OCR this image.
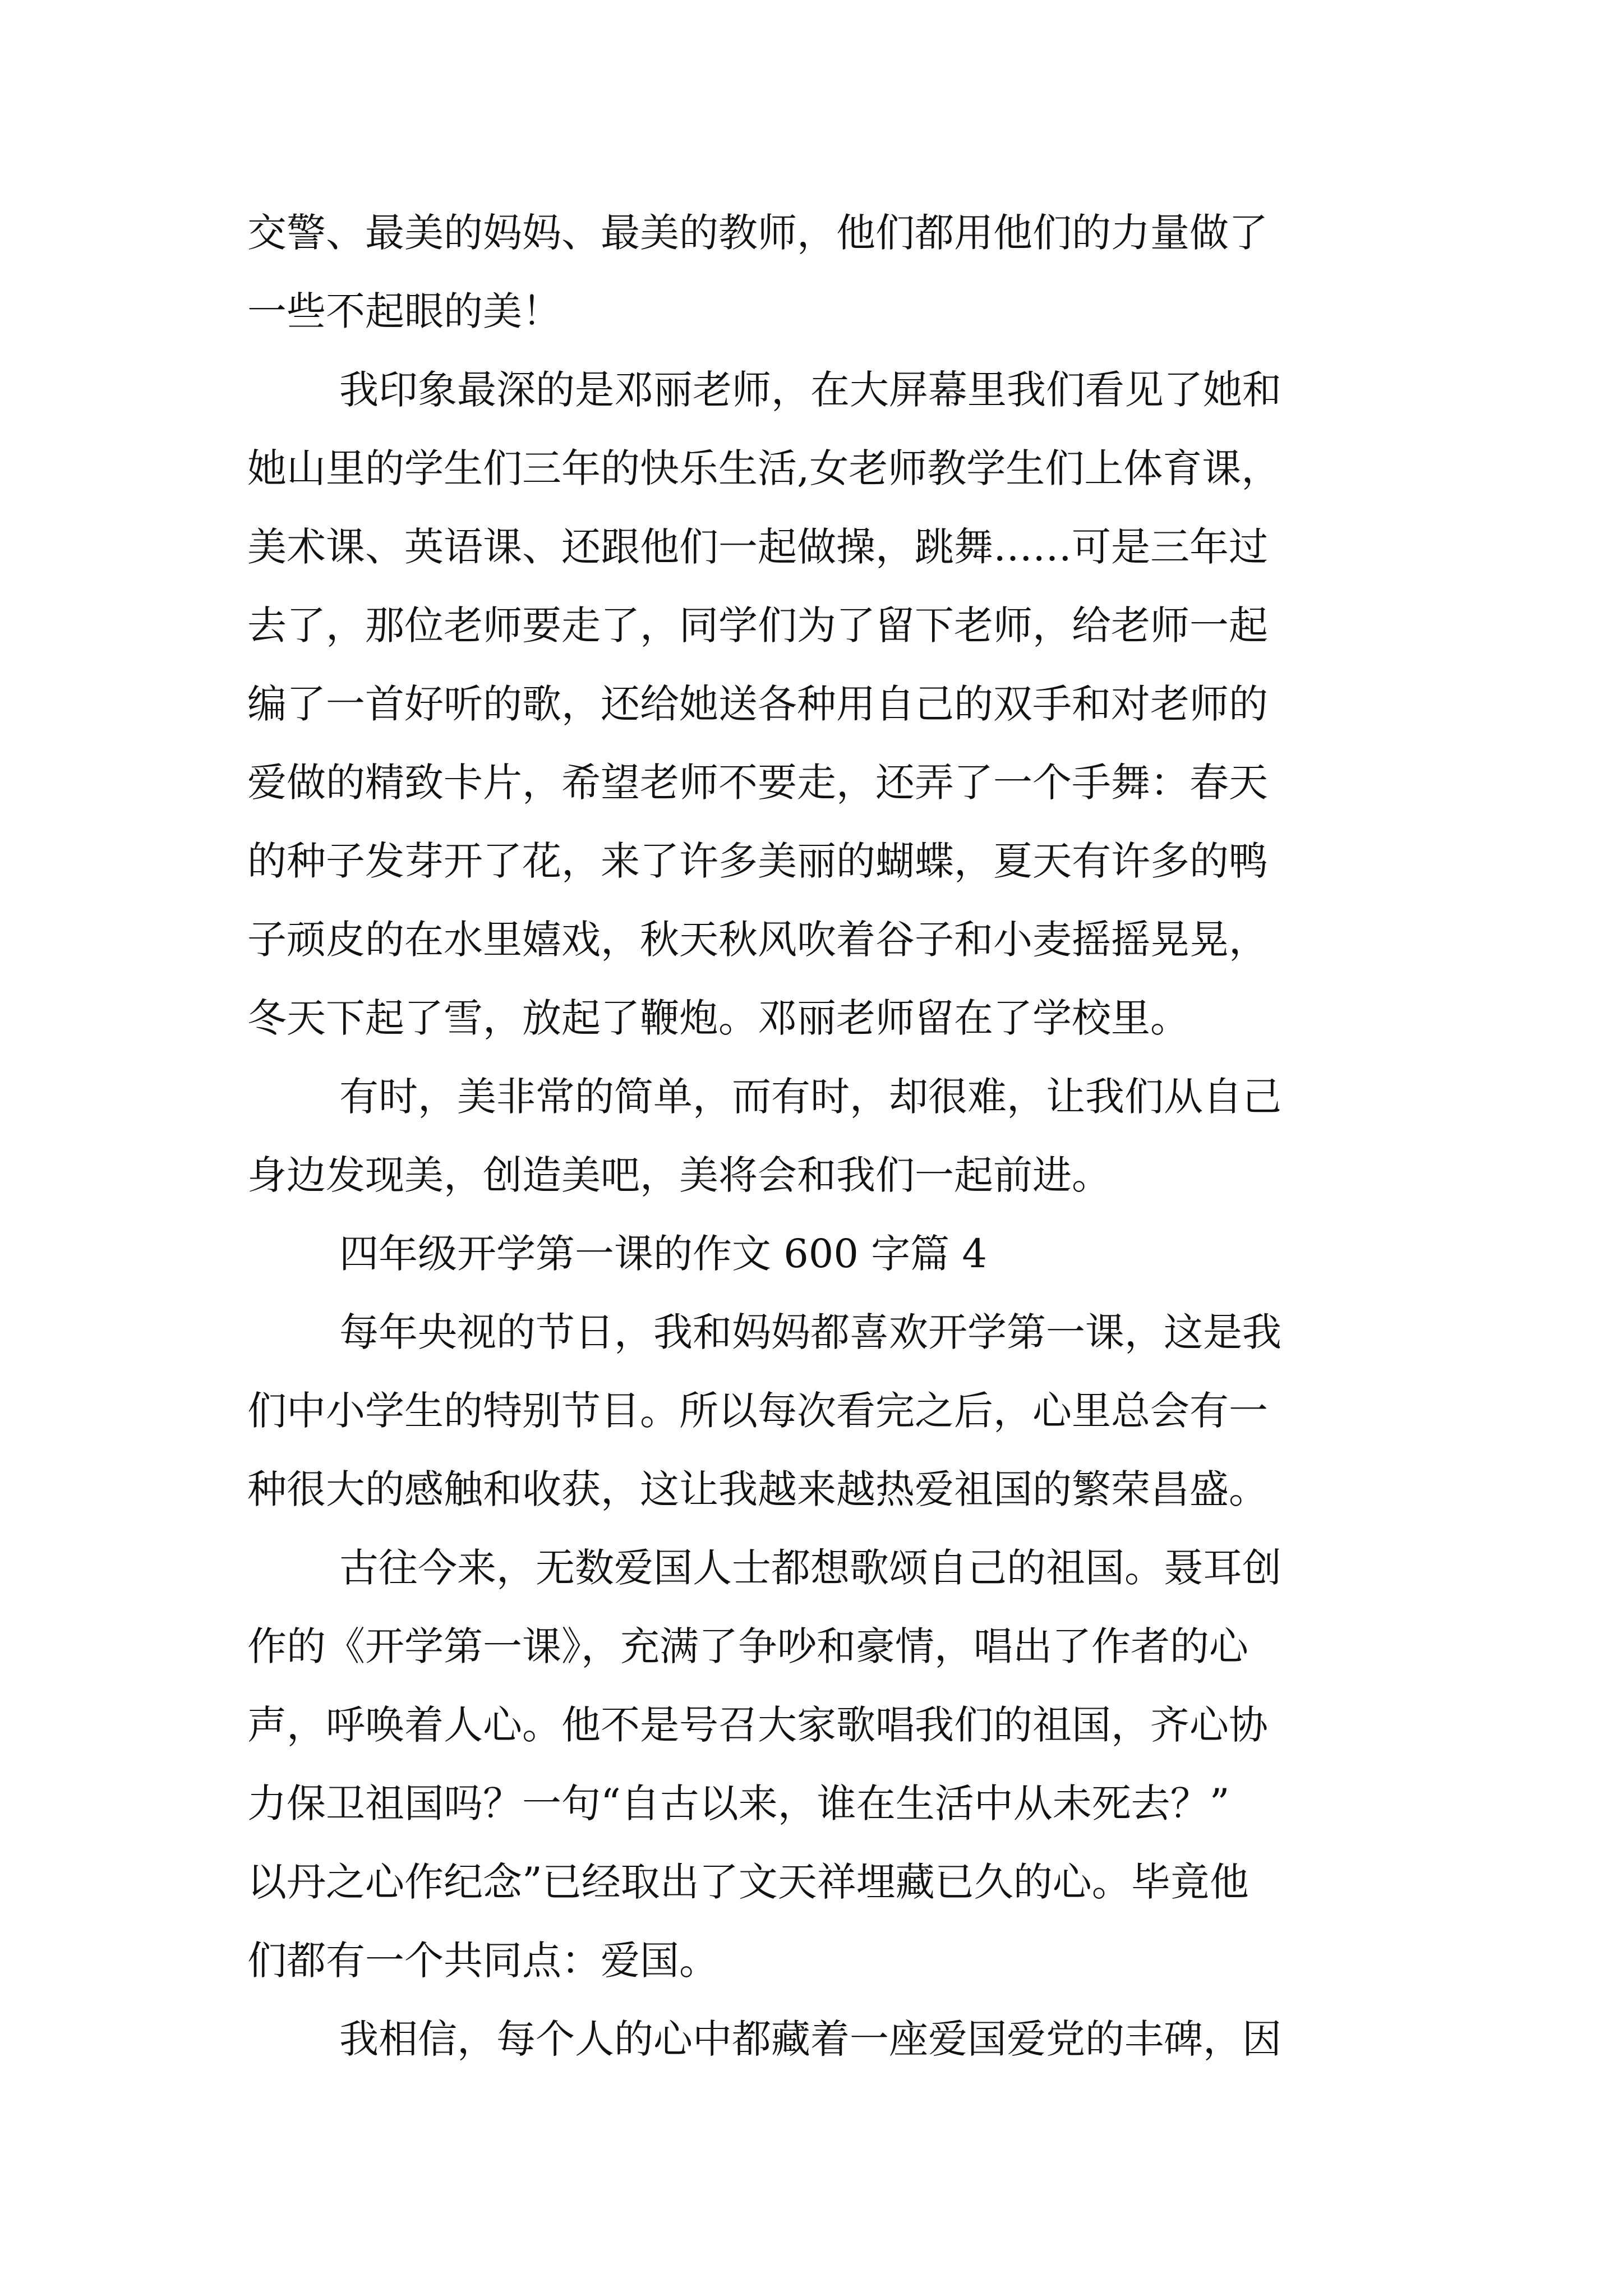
交警、最美的妈妈、最美的教师，他们都用他们的力量做了
一些不起眼的美！
我印象最深的是邓丽老师，在大屏幕里我们看见了她和
她山里的学生们三年的快乐生活,女老师教学生们上体育课，
美术课、英语课、还跟他们一起做操，跳舞……可是三年过
去了，那位老师要走了，同学们为了留下老师，给老师一起
编了一首好听的歌，还给她送各种用自己的双手和对老师的
爱做的精致卡片，希望老师不要走，还弄了一个手舞：春天
的种子发芽开了花，来了许多美丽的蝴蝶，夏天有许多的鸭
子顽皮的在水里嬉戏，秋天秋风吹着谷子和小麦摇摇晃晃，
冬天下起了雪，放起了鞭炮。邓丽老师留在了学校里。
有时，美非常的简单，而有时，却很难，让我们从自己
身边发现美，创造美吧，美将会和我们一起前进。
四年级开学第一课的作文 600 字篇 4
每年央视的节日，我和妈妈都喜欢开学第一课，这是我
们中小学生的特别节目。所以每次看完之后，心里总会有一
种很大的感触和收获，这让我越来越热爱祖国的繁荣昌盛。
古往今来，无数爱国人士都想歌颂自己的祖国。聂耳创
作的《开学第一课》，充满了争吵和豪情，唱出了作者的心
声，呼唤着人心。他不是号召大家歌唱我们的祖国，齐心协
力保卫祖国吗？一句“自古以来，谁在生活中从未死去？”
以丹之心作纪念”已经取出了文天祥埋藏已久的心。毕竟他
们都有一个共同点：爱国。
我相信，每个人的心中都藏着一座爱国爱党的丰碑，因
